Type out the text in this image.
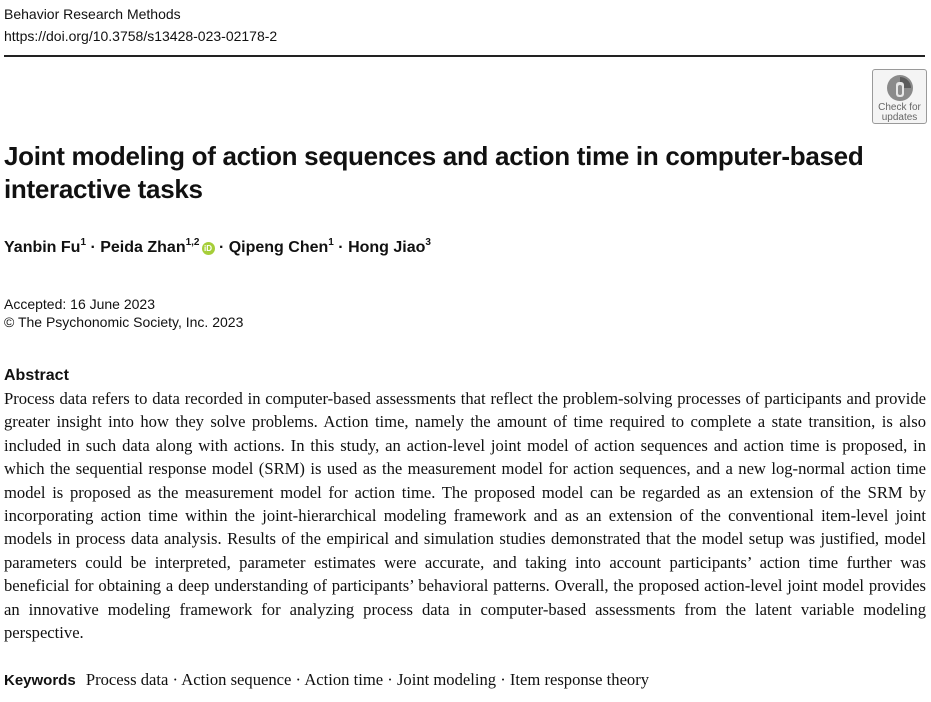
Behavior Research Methods
https://doi.org/10.3758/s13428-023-02178-2
Check for
updates
Joint modeling of action sequences and action time in computer-based interactive tasks
Yanbin $Fu^1$ · Peida Zhan$^{1,2}$iD · Qipeng Chen$^1$ · Hong Jiao$^3$
Accepted: 16 June 2023
© The Psychonomic Society, Inc. 2023
Abstract

Process data refers to data recorded in computer-based assessments that reflect the problem-solving processes of participants and provide greater insight into how they solve problems. Action time, namely the amount of time required to complete a state transition, is also included in such data along with actions. In this study, an action-level joint model of action sequences and action time is proposed, in which the sequential response model (SRM) is used as the measurement model for action sequences, and a new log-normal action time model is proposed as the measurement model for action time. The proposed model can be regarded as an extension of the SRM by incorporating action time within the joint-hierarchical modeling framework and as an extension of the conventional item-level joint models in process data analysis. Results of the empirical and simulation studies demonstrated that the model setup was justified, model parameters could be interpreted, parameter estimates were accurate, and taking into account participants’ action time further was beneficial for obtaining a deep understanding of participants’ behavioral patterns. Overall, the proposed action-level joint model provides an innovative modeling framework for analyzing process data in computer-based assessments from the latent variable modeling perspective.

Keywords Process data · Action sequence · Action time · Joint modeling · Item response theory
